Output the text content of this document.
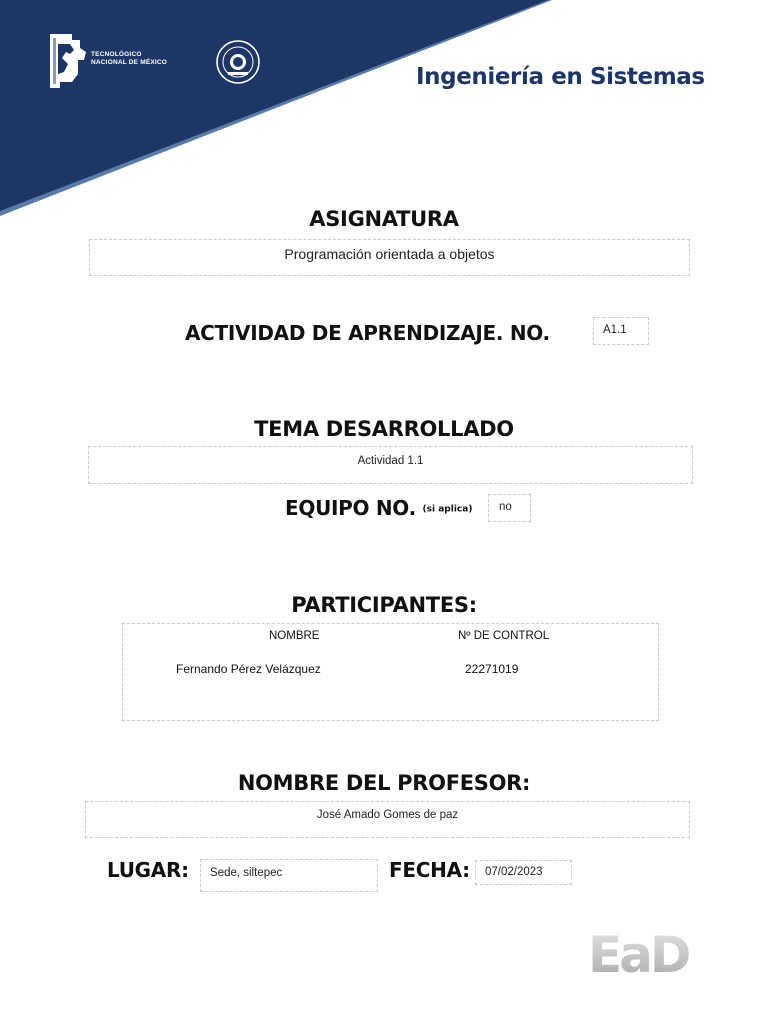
TECNOLÓGICO
NACIONAL DE MÉXICO
Ingeniería en Sistemas
ASIGNATURA
Programación orientada a objetos
ACTIVIDAD DE APRENDIZAJE. NO.	A1.1
TEMA DESARROLLADO
Actividad 1.1
EQUIPO NO. (si aplica) no
PARTICIPANTES:
NOMBRE	Nº DE CONTROL
Fernando Pérez Velázquez	22271019
NOMBRE DEL PROFESOR:
José Amado Gomes de paz
LUGAR: Sede, siltepec	FECHA: 07/02/2023
EaD
